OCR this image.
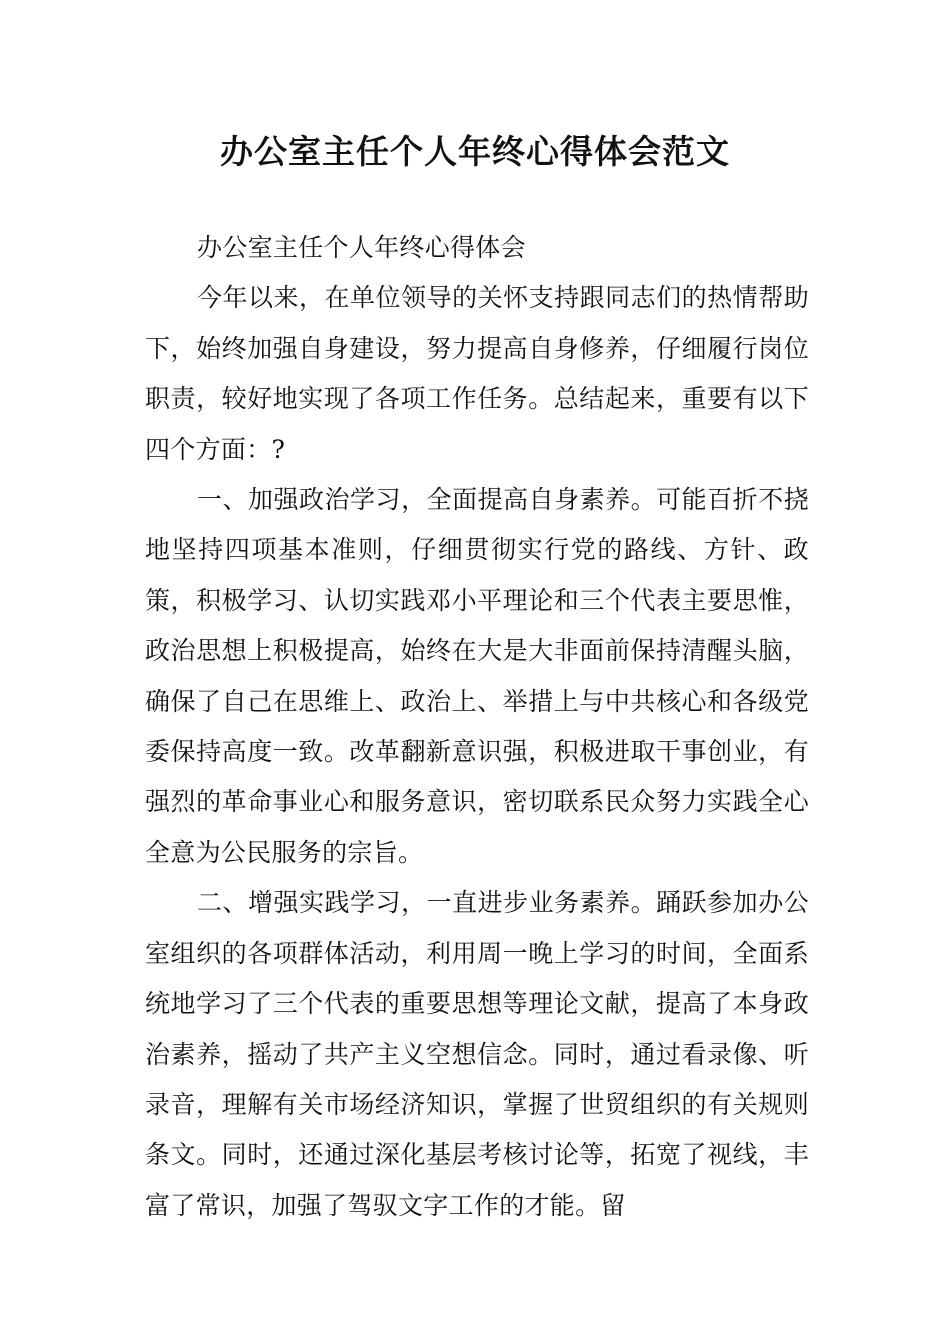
办公室主任个人年终心得体会范文

办公室主任个人年终心得体会

今年以来，在单位领导的关怀支持跟同志们的热情帮助下，始终加强自身建设，努力提高自身修养，仔细履行岗位职责，较好地实现了各项工作任务。总结起来，重要有以下四个方面：?

一、加强政治学习，全面提高自身素养。可能百折不挠地坚持四项基本准则，仔细贯彻实行党的路线、方针、政策，积极学习、认切实践邓小平理论和三个代表主要思惟，政治思想上积极提高，始终在大是大非面前保持清醒头脑，确保了自己在思维上、政治上、举措上与中共核心和各级党委保持高度一致。改革翻新意识强，积极进取干事创业，有强烈的革命事业心和服务意识，密切联系民众努力实践全心全意为公民服务的宗旨。

二、增强实践学习，一直进步业务素养。踊跃参加办公室组织的各项群体活动，利用周一晚上学习的时间，全面系统地学习了三个代表的重要思想等理论文献，提高了本身政治素养，摇动了共产主义空想信念。同时，通过看录像、听录音，理解有关市场经济知识，掌握了世贸组织的有关规则条文。同时，还通过深化基层考核讨论等，拓宽了视线，丰富了常识，加强了驾驭文字工作的才能。留
